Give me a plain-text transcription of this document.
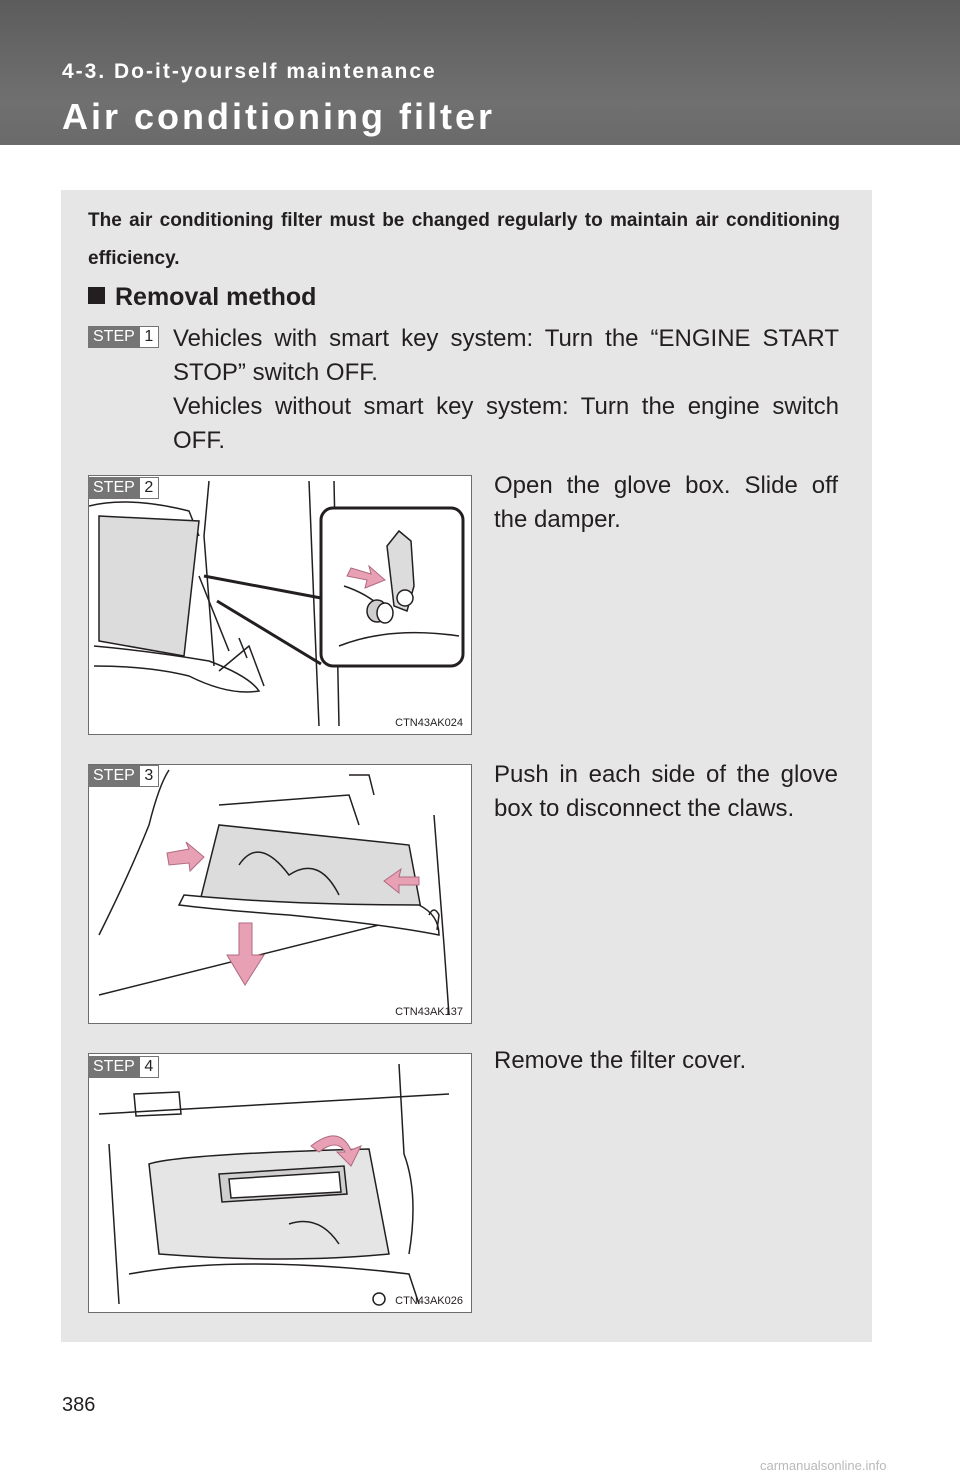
4-3. Do-it-yourself maintenance
Air conditioning filter
The air conditioning filter must be changed regularly to maintain air conditioning efficiency.
Removal method
STEP 1 Vehicles with smart key system: Turn the “ENGINE START STOP” switch OFF.
Vehicles without smart key system: Turn the engine switch OFF.
CTN43AK024
STEP 2	Open the glove box. Slide off the damper.
CTN43AK137
STEP 3	Push in each side of the glove box to disconnect the claws.
CTN43AK026
STEP 4	Remove the filter cover.
386
carmanualsonline.info
